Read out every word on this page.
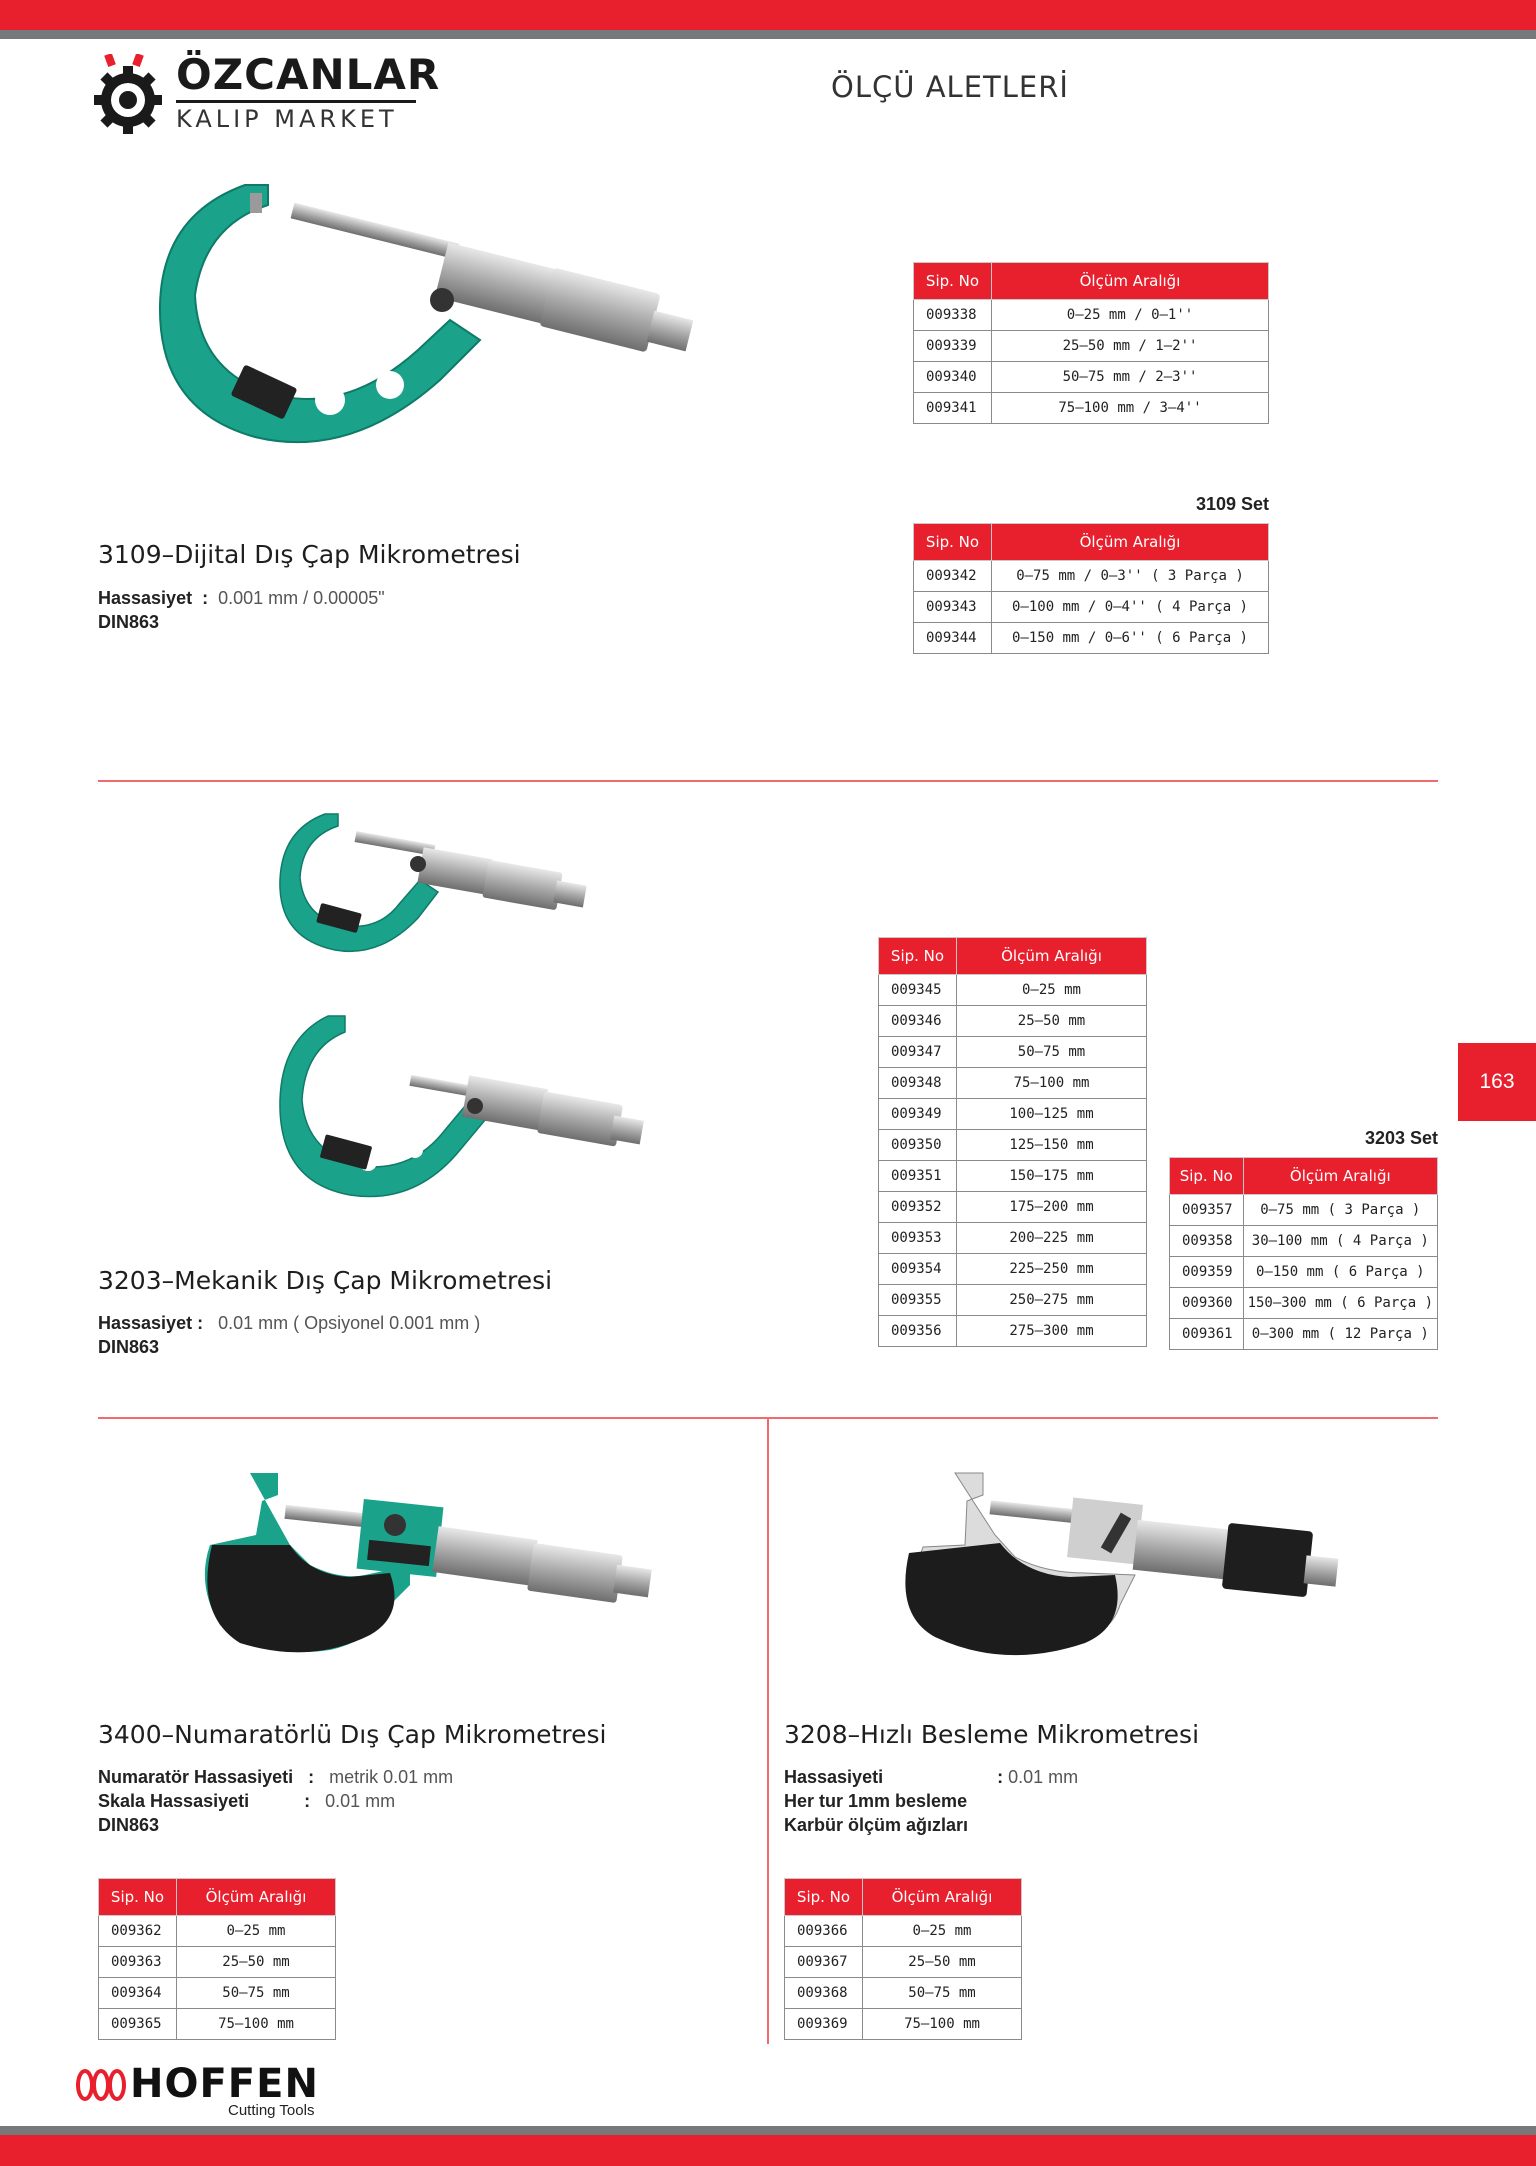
ÖZCANLAR
KALIP MARKET
ÖLÇÜ ALETLERİ
163
Sip. No	Ölçüm Aralığı
009338	0–25 mm / 0–1''
009339	25–50 mm / 1–2''
009340	50–75 mm / 2–3''
009341	75–100 mm / 3–4''
3109 Set
Sip. No	Ölçüm Aralığı
009342	0–75 mm / 0–3'' ( 3 Parça )
009343	0–100 mm / 0–4'' ( 4 Parça )
009344	0–150 mm / 0–6'' ( 6 Parça )
3109–Dijital Dış Çap Mikrometresi
Hassasiyet : 0.001 mm / 0.00005"
DIN863
Sip. No	Ölçüm Aralığı
009345	0–25 mm
009346	25–50 mm
009347	50–75 mm
009348	75–100 mm
009349	100–125 mm
009350	125–150 mm
009351	150–175 mm
009352	175–200 mm
009353	200–225 mm
009354	225–250 mm
009355	250–275 mm
009356	275–300 mm
3203 Set
Sip. No	Ölçüm Aralığı
009357	0–75 mm ( 3 Parça )
009358	30–100 mm ( 4 Parça )
009359	0–150 mm ( 6 Parça )
009360	150–300 mm ( 6 Parça )
009361	0–300 mm ( 12 Parça )
3203–Mekanik Dış Çap Mikrometresi
Hassasiyet : 0.01 mm ( Opsiyonel 0.001 mm )
DIN863
3400–Numaratörlü Dış Çap Mikrometresi
Numaratör Hassasiyeti : metrik 0.01 mm
Skala Hassasiyeti	: 0.01 mm
DIN863
Sip. No	Ölçüm Aralığı
009362	0–25 mm
009363	25–50 mm
009364	50–75 mm
009365	75–100 mm
3208–Hızlı Besleme Mikrometresi
Hassasiyeti	: 0.01 mm
Her tur 1mm besleme
Karbür ölçüm ağızları
Sip. No	Ölçüm Aralığı
009366	0–25 mm
009367	25–50 mm
009368	50–75 mm
009369	75–100 mm
HOFFEN
Cutting Tools
